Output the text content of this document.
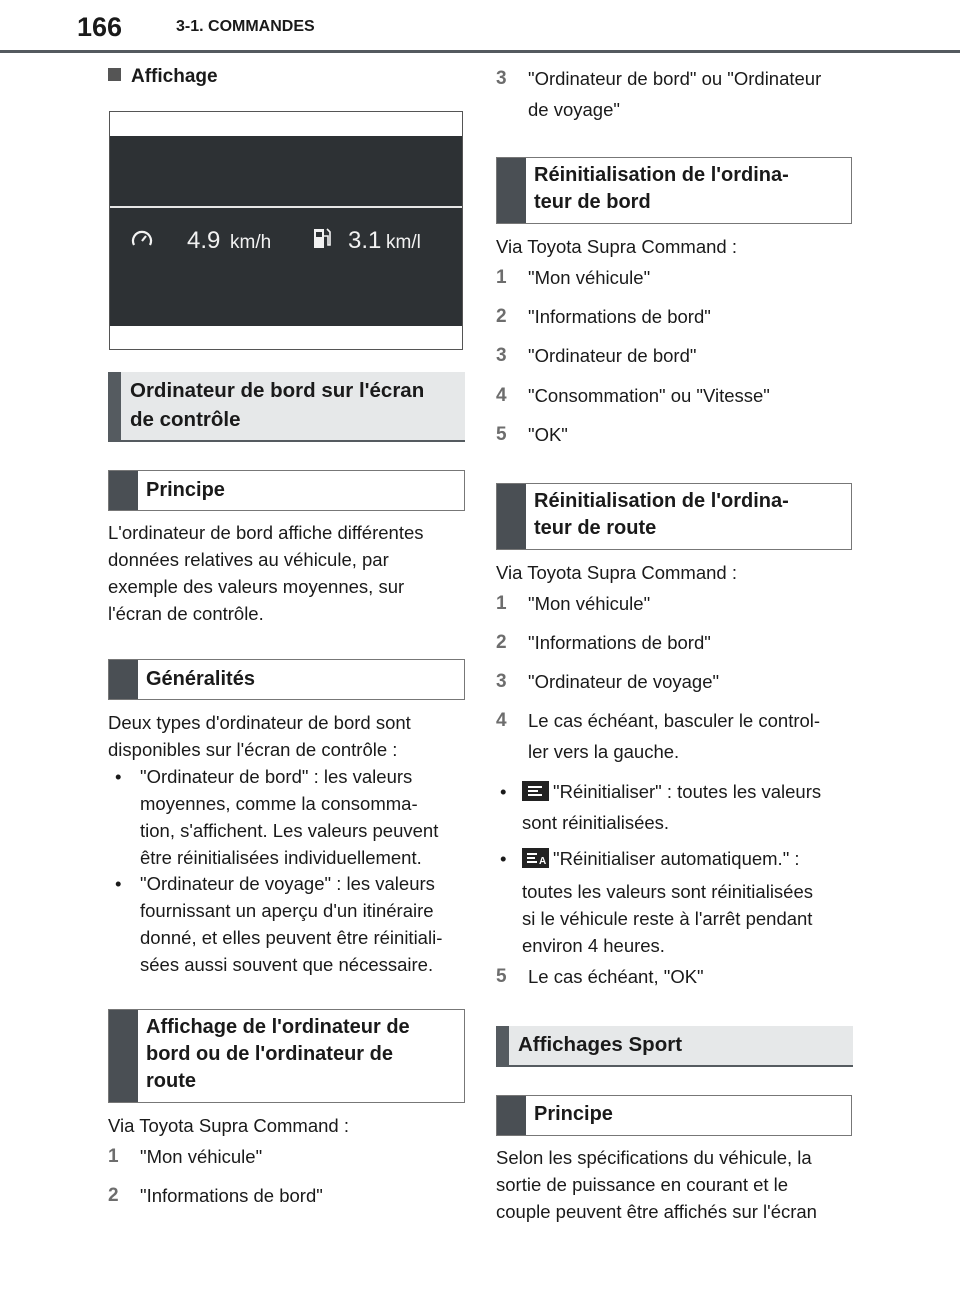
166	3-1. COMMANDES
Affichage
4.9 km/h	3.1 km/l
Ordinateur de bord sur l'écran
de contrôle
Principe
L'ordinateur de bord affiche différentes
données relatives au véhicule, par
exemple des valeurs moyennes, sur
l'écran de contrôle.
Généralités
Deux types d'ordinateur de bord sont
disponibles sur l'écran de contrôle :
• "Ordinateur de bord" : les valeurs
moyennes, comme la consomma-
tion, s'affichent. Les valeurs peuvent
être réinitialisées individuellement.
• "Ordinateur de voyage" : les valeurs
fournissant un aperçu d'un itinéraire
donné, et elles peuvent être réinitiali-
sées aussi souvent que nécessaire.
Affichage de l'ordinateur de
bord ou de l'ordinateur de
route
Via Toyota Supra Command :
1	"Mon véhicule"
2	"Informations de bord"
3 "Ordinateur de bord" ou "Ordinateur
de voyage"
Réinitialisation de l'ordina-
teur de bord
Via Toyota Supra Command :
1	"Mon véhicule"
2	"Informations de bord"
3	"Ordinateur de bord"
4	"Consommation" ou "Vitesse"
5	"OK"
Réinitialisation de l'ordina-
teur de route
Via Toyota Supra Command :
1	"Mon véhicule"
2	"Informations de bord"
3	"Ordinateur de voyage"
4 Le cas échéant, basculer le control-
ler vers la gauche.
•	"Réinitialiser" : toutes les valeurs
sont réinitialisées.
•	A "Réinitialiser automatiquem." :
toutes les valeurs sont réinitialisées
si le véhicule reste à l'arrêt pendant
environ 4 heures.
5	Le cas échéant, "OK"
Affichages Sport
Principe
Selon les spécifications du véhicule, la
sortie de puissance en courant et le
couple peuvent être affichés sur l'écran
